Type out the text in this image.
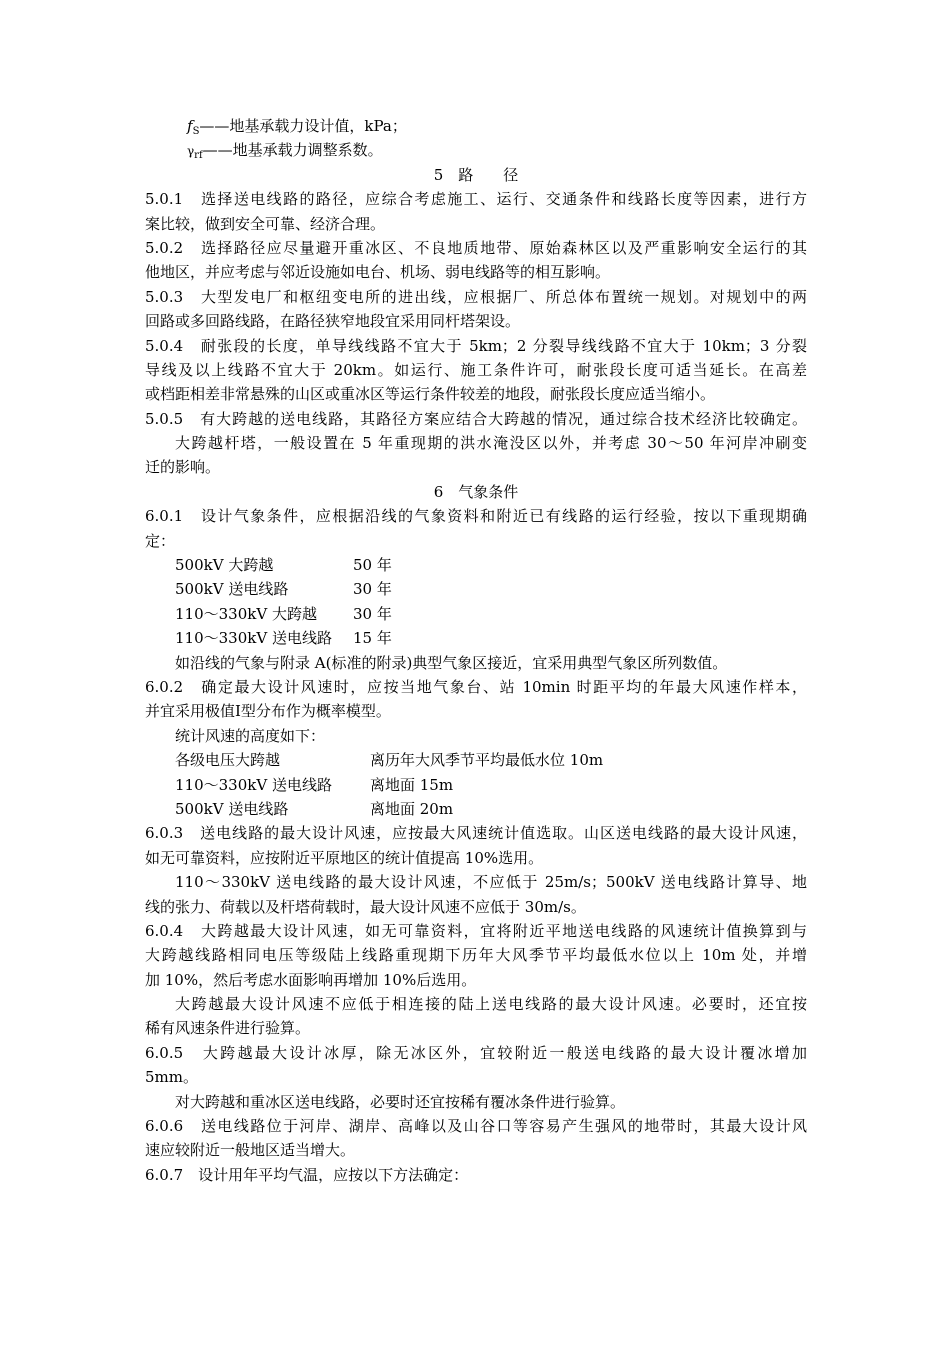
$f_S——$地基承载力设计值，kPa；
$\gamma_{rf}——$地基承载力调整系数。
5　路　　径
5.0.1　选择送电线路的路径，应综合考虑施工、运行、交通条件和线路长度等因素，进行方
案比较，做到安全可靠、经济合理。
5.0.2　选择路径应尽量避开重冰区、不良地质地带、原始森林区以及严重影响安全运行的其
他地区，并应考虑与邻近设施如电台、机场、弱电线路等的相互影响。
5.0.3　大型发电厂和枢纽变电所的进出线，应根据厂、所总体布置统一规划。对规划中的两
回路或多回路线路，在路径狭窄地段宜采用同杆塔架设。
5.0.4　耐张段的长度，单导线线路不宜大于 5km；2 分裂导线线路不宜大于 10km；3 分裂
导线及以上线路不宜大于 20km。如运行、施工条件许可，耐张段长度可适当延长。在高差
或档距相差非常悬殊的山区或重冰区等运行条件较差的地段，耐张段长度应适当缩小。
5.0.5　有大跨越的送电线路，其路径方案应结合大跨越的情况，通过综合技术经济比较确定。
大跨越杆塔，一般设置在 5 年重现期的洪水淹没区以外，并考虑 30～50 年河岸冲刷变
迁的影响。
6　气象条件
6.0.1　设计气象条件，应根据沿线的气象资料和附近已有线路的运行经验，按以下重现期确
定：
500kV 大跨越	50 年
500kV 送电线路	30 年
110～330kV 大跨越 30 年
110～330kV 送电线路 15 年
如沿线的气象与附录 A(标准的附录)典型气象区接近，宜采用典型气象区所列数值。
6.0.2　确定最大设计风速时，应按当地气象台、站 10min 时距平均的年最大风速作样本，
并宜采用极值Ⅰ型分布作为概率模型。
统计风速的高度如下：
各级电压大跨越	离历年大风季节平均最低水位 10m
110～330kV 送电线路	离地面 15m
500kV 送电线路	离地面 20m
6.0.3　送电线路的最大设计风速，应按最大风速统计值选取。山区送电线路的最大设计风速，
如无可靠资料，应按附近平原地区的统计值提高 10%选用。
110～330kV 送电线路的最大设计风速，不应低于 25m/s；500kV 送电线路计算导、地
线的张力、荷载以及杆塔荷载时，最大设计风速不应低于 30m/s。
6.0.4　大跨越最大设计风速，如无可靠资料，宜将附近平地送电线路的风速统计值换算到与
大跨越线路相同电压等级陆上线路重现期下历年大风季节平均最低水位以上 10m 处，并增
加 10%，然后考虑水面影响再增加 10%后选用。
大跨越最大设计风速不应低于相连接的陆上送电线路的最大设计风速。必要时，还宜按
稀有风速条件进行验算。
6.0.5　大跨越最大设计冰厚，除无冰区外，宜较附近一般送电线路的最大设计覆冰增加
5mm。
对大跨越和重冰区送电线路，必要时还宜按稀有覆冰条件进行验算。
6.0.6　送电线路位于河岸、湖岸、高峰以及山谷口等容易产生强风的地带时，其最大设计风
速应较附近一般地区适当增大。
6.0.7　设计用年平均气温，应按以下方法确定：
